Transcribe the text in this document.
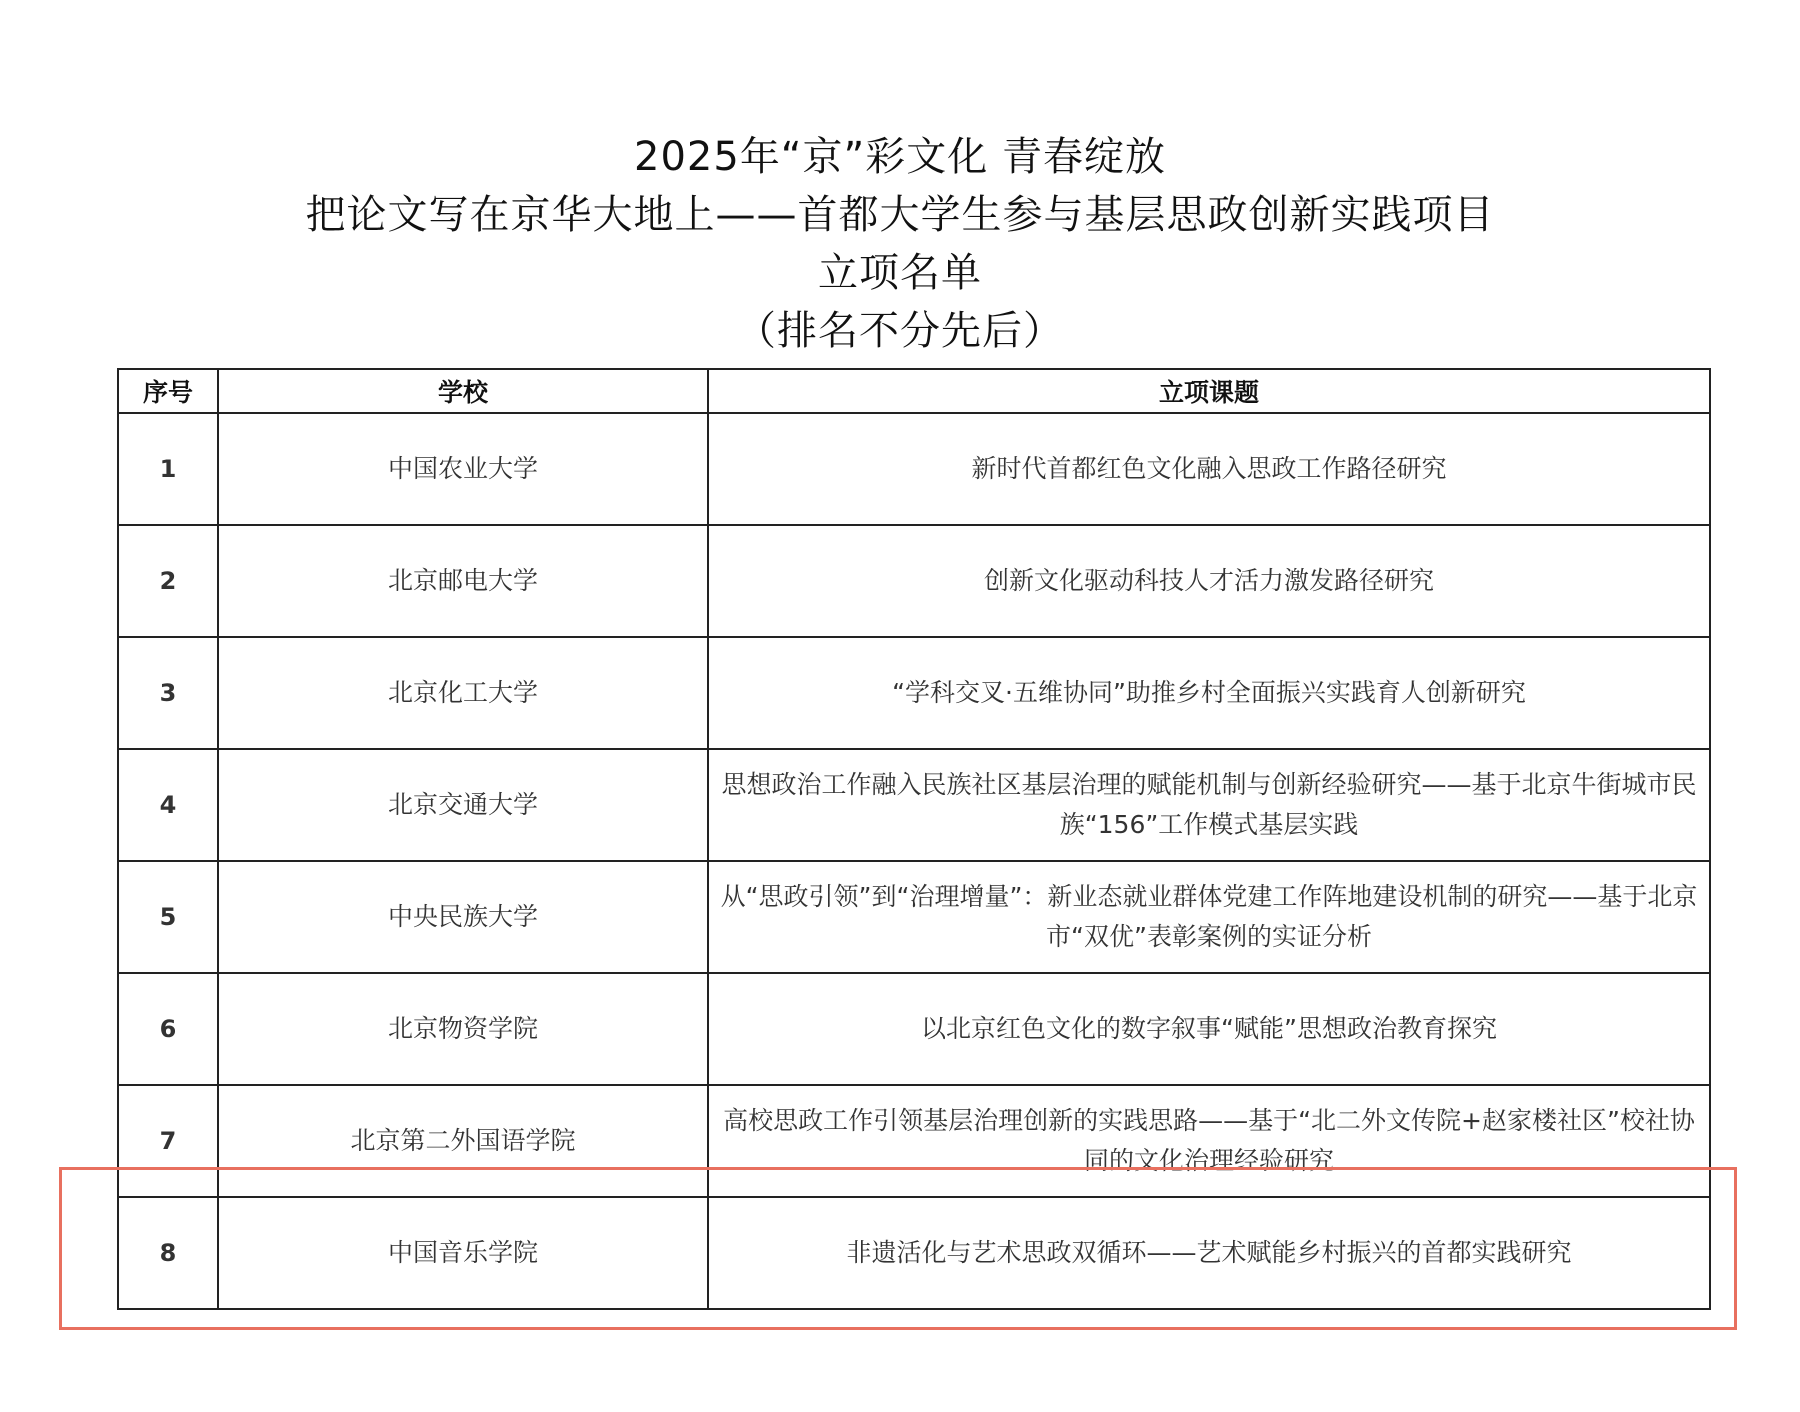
2025年“京”彩文化 青春绽放
把论文写在京华大地上——首都大学生参与基层思政创新实践项目
立项名单
（排名不分先后）
序号	学校	立项课题
1	中国农业大学	新时代首都红色文化融入思政工作路径研究
2	北京邮电大学	创新文化驱动科技人才活力激发路径研究
3	北京化工大学	“学科交叉·五维协同”助推乡村全面振兴实践育人创新研究
4	北京交通大学	思想政治工作融入民族社区基层治理的赋能机制与创新经验研究——基于北京牛街城市民族“156”工作模式基层实践
5	中央民族大学	从“思政引领”到“治理增量”：新业态就业群体党建工作阵地建设机制的研究——基于北京市“双优”表彰案例的实证分析
6	北京物资学院	以北京红色文化的数字叙事“赋能”思想政治教育探究
7	北京第二外国语学院	高校思政工作引领基层治理创新的实践思路——基于“北二外文传院+赵家楼社区”校社协同的文化治理经验研究
8	中国音乐学院	非遗活化与艺术思政双循环——艺术赋能乡村振兴的首都实践研究
